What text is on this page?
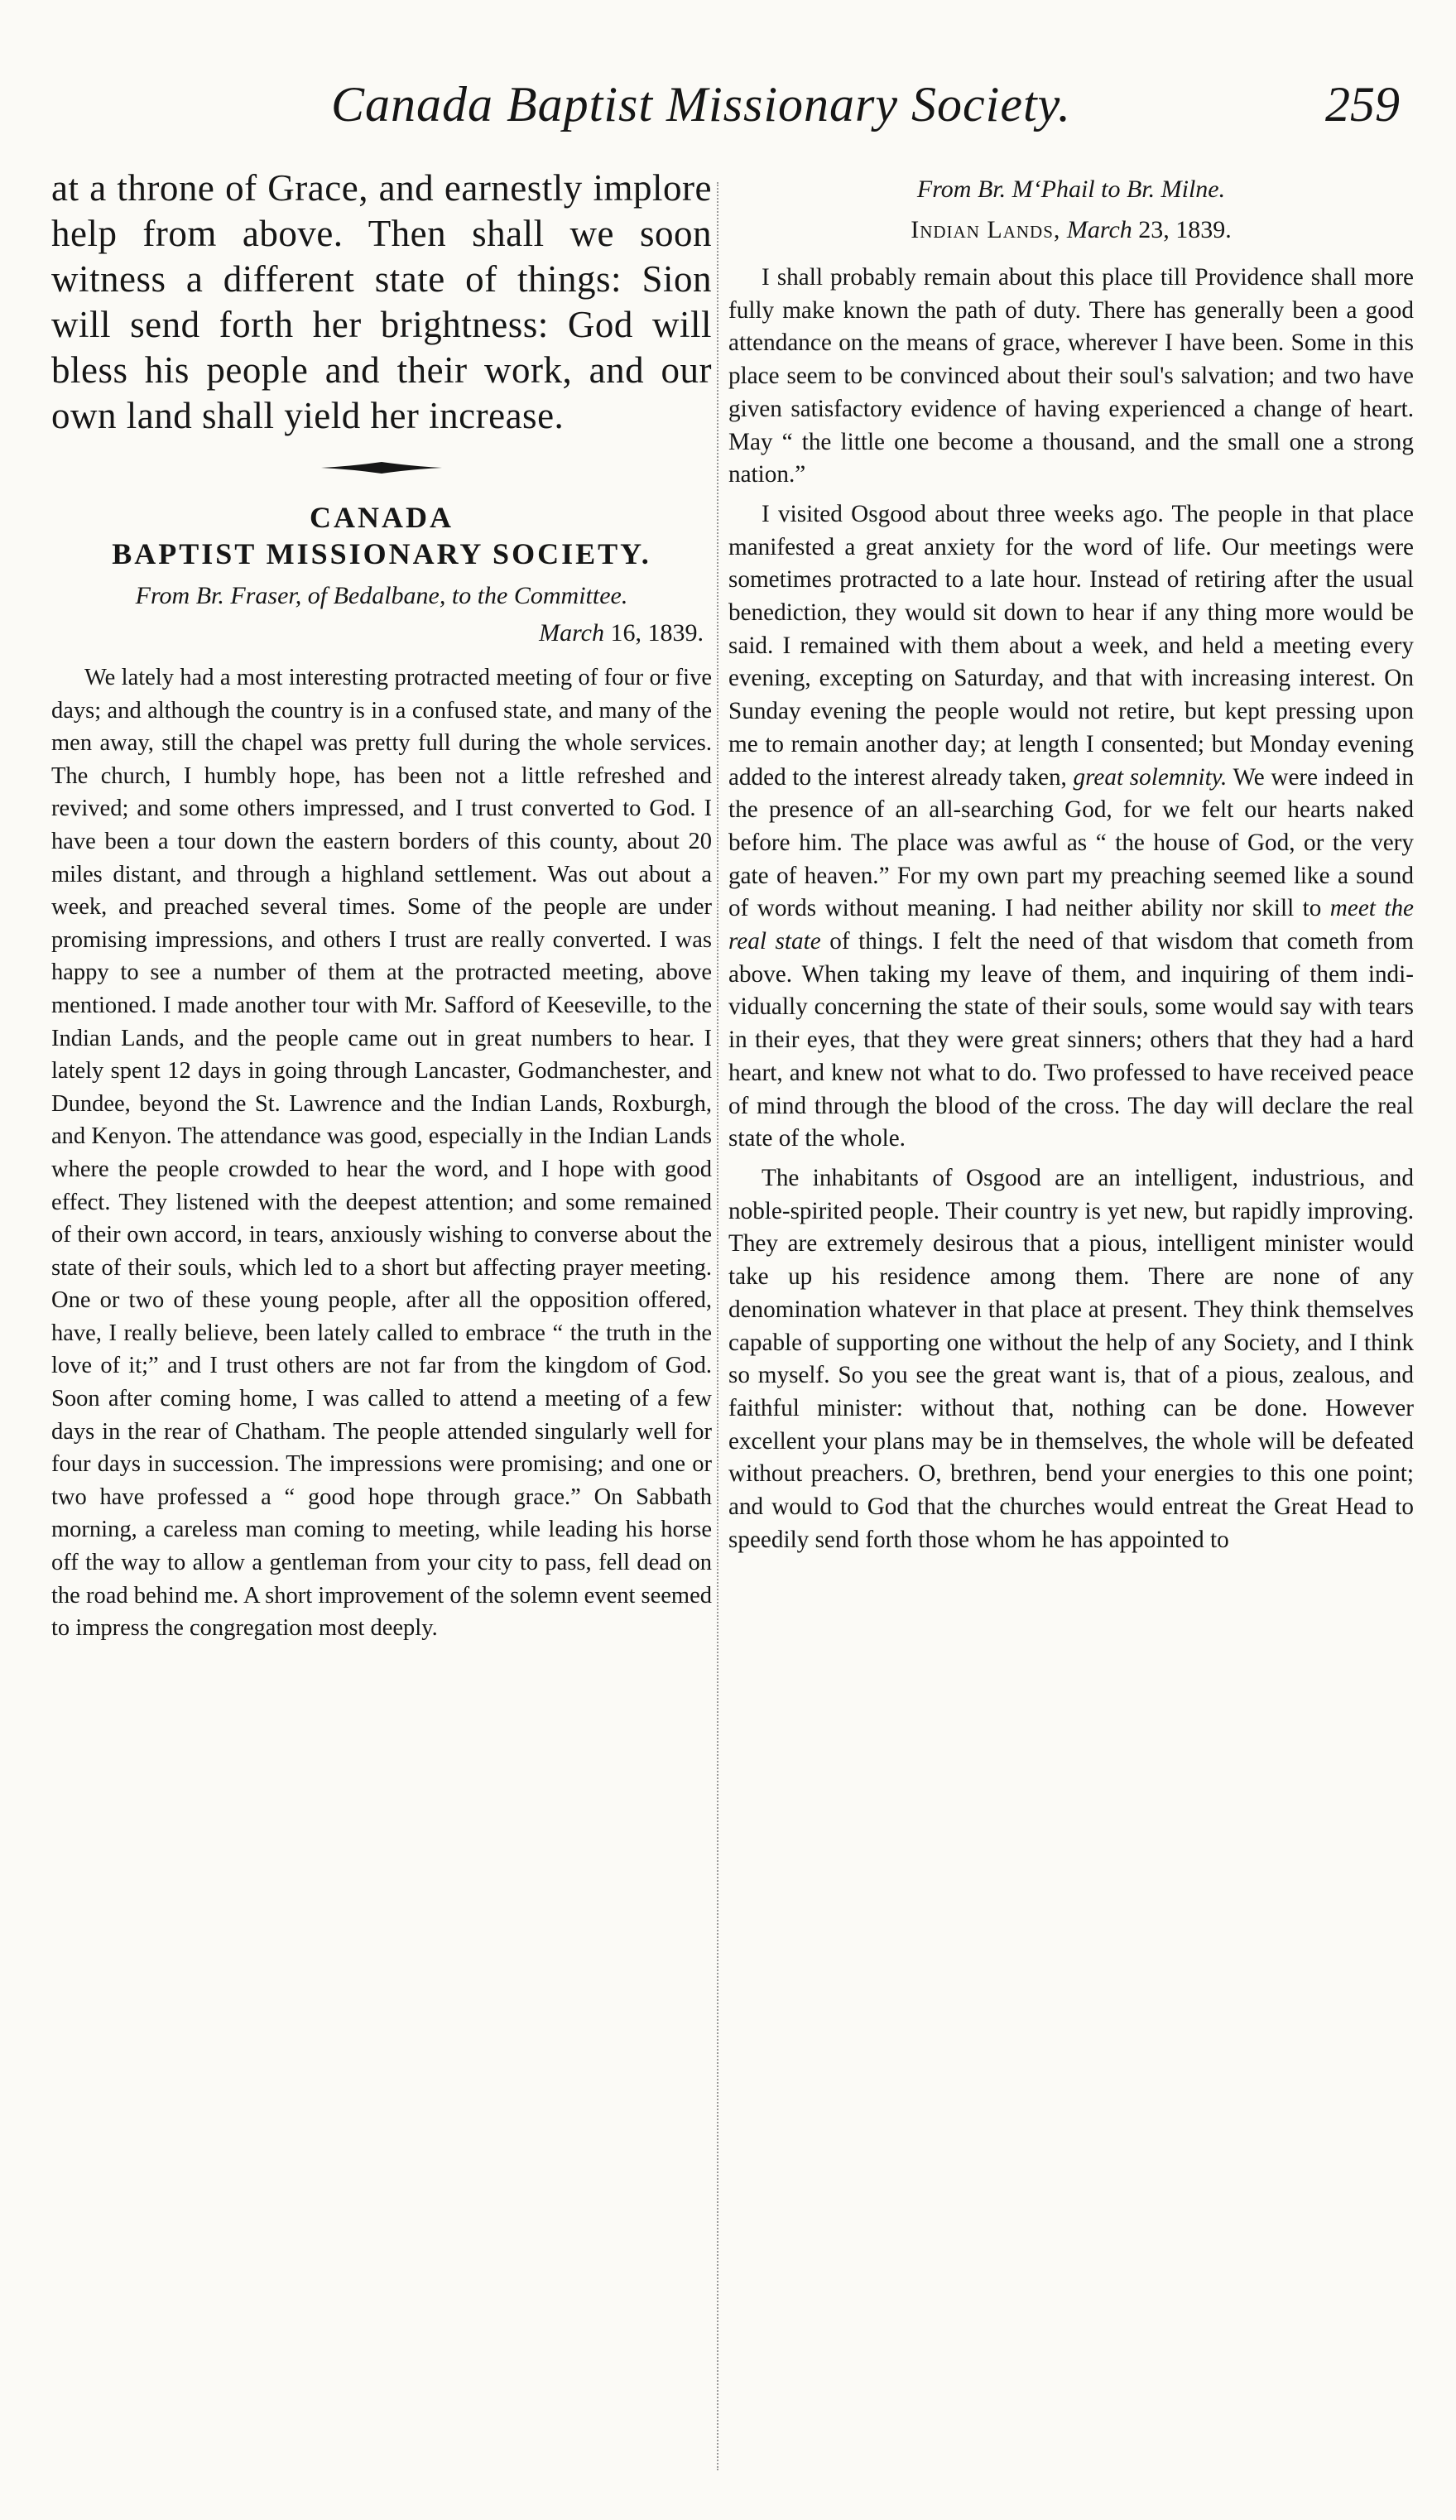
Canada Baptist Missionary Society.	259

at a throne of Grace, and earnestly implore help from above. Then shall we soon witness a different state of things: Sion will send forth her brightness: God will bless his people and their work, and our own land shall yield her increase.

CANADA
BAPTIST MISSIONARY SOCIETY.
From Br. Fraser, of Bedalbane, to the Committee.
March 16, 1839.

We lately had a most interesting protracted meeting of four or five days; and although the country is in a confused state, and many of the men away, still the chapel was pretty full during the whole services. The church, I humbly hope, has been not a little refreshed and revived; and some others impressed, and I trust converted to God. I have been a tour down the eastern borders of this county, about 20 miles distant, and through a highland settlement. Was out about a week, and preached several times. Some of the people are under promising impressions, and others I trust are really converted. I was happy to see a number of them at the protracted meeting, above mentioned. I made another tour with Mr. Safford of Keeseville, to the Indian Lands, and the people came out in great numbers to hear. I lately spent 12 days in going through Lancaster, Godmanchester, and Dundee, beyond the St. Lawrence and the Indian Lands, Roxburgh, and Kenyon. The attendance was good, especially in the Indian Lands where the people crowded to hear the word, and I hope with good effect. They listened with the deepest attention; and some remained of their own accord, in tears, anxiously wishing to converse about the state of their souls, which led to a short but affecting prayer meeting. One or two of these young people, after all the opposition offered, have, I really believe, been lately called to embrace “ the truth in the love of it;” and I trust others are not far from the kingdom of God. Soon after coming home, I was called to attend a meeting of a few days in the rear of Chatham. The people attended singularly well for four days in succession. The impressions were promising; and one or two have professed a “ good hope through grace.” On Sabbath morning, a careless man coming to meeting, while leading his horse off the way to allow a gentleman from your city to pass, fell dead on the road behind me. A short improvement of the solemn event seemed to impress the congregation most deeply.

From Br. M‘Phail to Br. Milne.
Indian Lands, March 23, 1839.

I shall probably remain about this place till Providence shall more fully make known the path of duty. There has generally been a good attendance on the means of grace, wherever I have been. Some in this place seem to be convinced about their soul's salvation; and two have given satisfactory evidence of having experienced a change of heart. May “ the little one become a thousand, and the small one a strong nation.”

I visited Osgood about three weeks ago. The people in that place manifested a great anxiety for the word of life. Our meetings were sometimes protracted to a late hour. Instead of retiring after the usual benediction, they would sit down to hear if any thing more would be said. I remained with them about a week, and held a meeting every evening, excepting on Saturday, and that with increasing interest. On Sunday evening the people would not retire, but kept pressing upon me to remain another day; at length I consented; but Monday evening added to the interest already taken, great solemnity. We were indeed in the presence of an all-searching God, for we felt our hearts naked before him. The place was awful as “ the house of God, or the very gate of heaven.” For my own part my preaching seemed like a sound of words without meaning. I had neither ability nor skill to meet the real state of things. I felt the need of that wisdom that cometh from above. When taking my leave of them, and inquiring of them individually concerning the state of their souls, some would say with tears in their eyes, that they were great sinners; others that they had a hard heart, and knew not what to do. Two professed to have received peace of mind through the blood of the cross. The day will declare the real state of the whole.

The inhabitants of Osgood are an intelligent, industrious, and noble-spirited people. Their country is yet new, but rapidly improving. They are extremely desirous that a pious, intelligent minister would take up his residence among them. There are none of any denomination whatever in that place at present. They think themselves capable of supporting one without the help of any Society, and I think so myself. So you see the great want is, that of a pious, zealous, and faithful minister: without that, nothing can be done. However excellent your plans may be in themselves, the whole will be defeated without preachers. O, brethren, bend your energies to this one point; and would to God that the churches would entreat the Great Head to speedily send forth those whom he has appointed to
